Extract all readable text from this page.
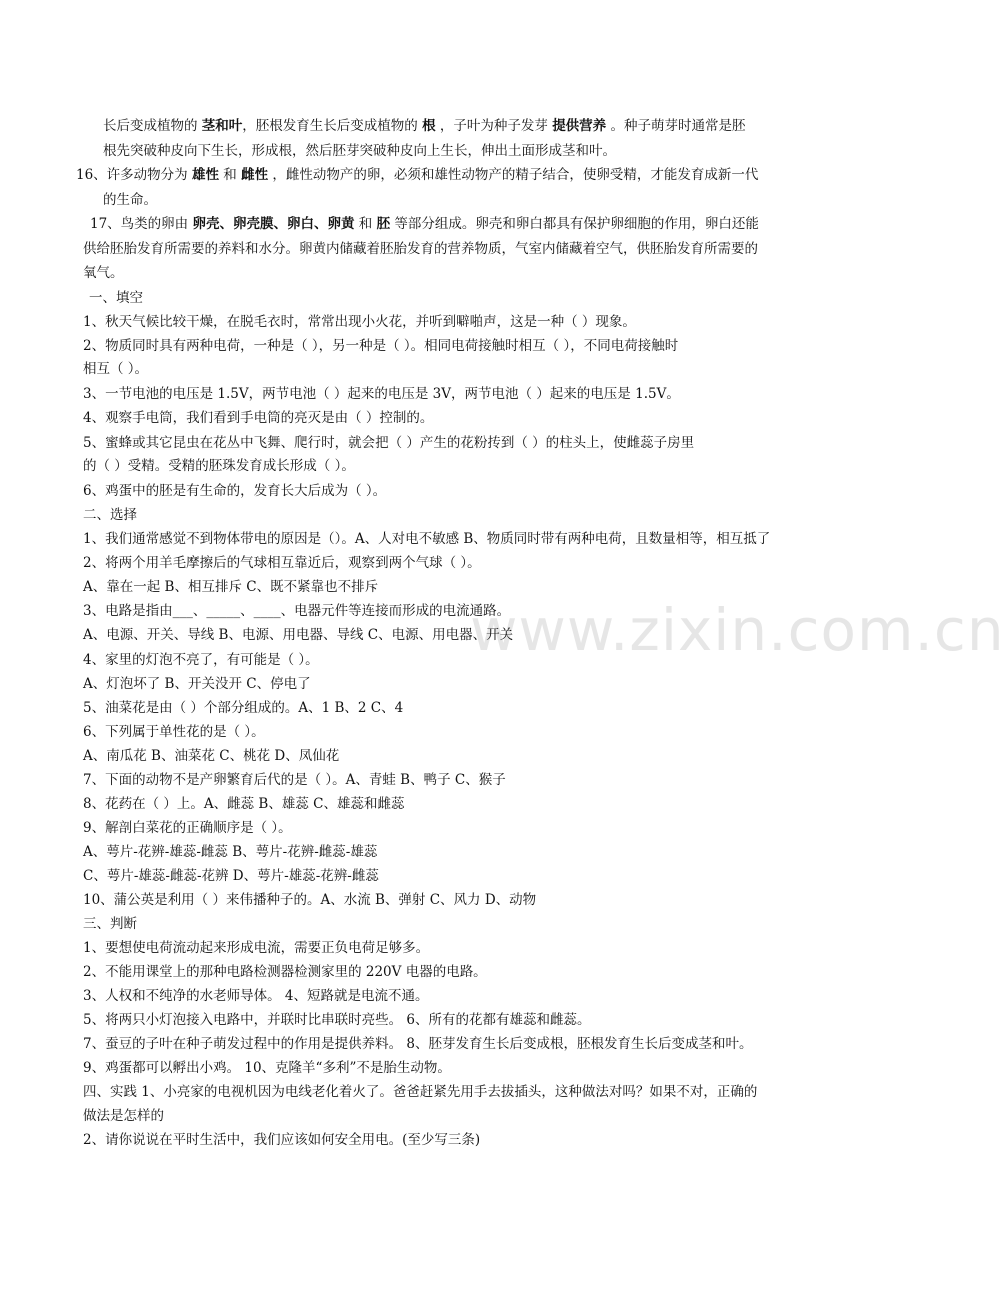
www.zixin.com.cn
长后变成植物的 茎和叶，胚根发育生长后变成植物的 根 ，子叶为种子发芽 提供营养 。种子萌芽时通常是胚
根先突破种皮向下生长，形成根，然后胚芽突破种皮向上生长，伸出土面形成茎和叶。
16、许多动物分为 雄性 和 雌性 ，雌性动物产的卵，必须和雄性动物产的精子结合，使卵受精，才能发育成新一代
的生命。
17、鸟类的卵由 卵壳、卵壳膜、卵白、卵黄 和 胚 等部分组成。卵壳和卵白都具有保护卵细胞的作用，卵白还能
供给胚胎发育所需要的养料和水分。卵黄内储藏着胚胎发育的营养物质，气室内储藏着空气，供胚胎发育所需要的
氧气。
一、填空
1、秋天气候比较干燥，在脱毛衣时，常常出现小火花，并听到噼啪声，这是一种（ ）现象。
2、物质同时具有两种电荷，一种是（ ），另一种是（ ）。相同电荷接触时相互（ ），不同电荷接触时
相互（ ）。
3、一节电池的电压是 1.5V，两节电池（ ）起来的电压是 3V，两节电池（ ）起来的电压是 1.5V。
4、观察手电筒，我们看到手电筒的亮灭是由（ ）控制的。
5、蜜蜂或其它昆虫在花丛中飞舞、爬行时，就会把（ ）产生的花粉抟到（ ）的柱头上，使雌蕊子房里
的（ ）受精。受精的胚珠发育成长形成（ ）。
6、鸡蛋中的胚是有生命的，发育长大后成为（ ）。
二、选择
1、我们通常感觉不到物体带电的原因是（）。A、人对电不敏感 B、物质同时带有两种电荷，且数量相等，相互抵了
2、将两个用羊毛摩擦后的气球相互靠近后，观察到两个气球（ ）。
A、靠在一起 B、相互排斥 C、既不紧靠也不排斥
3、电路是指由___、_____、____、电器元件等连接而形成的电流通路。
A、电源、开关、导线 B、电源、用电器、导线 C、电源、用电器、开关
4、家里的灯泡不亮了，有可能是（ ）。
A、灯泡坏了 B、开关没开 C、停电了
5、油菜花是由（ ）个部分组成的。A、1 B、2 C、4
6、下列属于单性花的是（ ）。
A、南瓜花 B、油菜花 C、桃花 D、凤仙花
7、下面的动物不是产卵繁育后代的是（ ）。A、青蛙 B、鸭子 C、猴子
8、花药在（ ）上。A、雌蕊 B、雄蕊 C、雄蕊和雌蕊
9、解剖白菜花的正确顺序是（ ）。
A、萼片-花辨-雄蕊-雌蕊 B、萼片-花辨-雌蕊-雄蕊
C、萼片-雄蕊-雌蕊-花辨 D、萼片-雄蕊-花辨-雌蕊
10、蒲公英是利用（ ）来伟播种子的。A、水流 B、弹射 C、风力 D、动物
三、判断
1、要想使电荷流动起来形成电流，需要正负电荷足够多。
2、不能用课堂上的那种电路检测器检测家里的 220V 电器的电路。
3、人权和不纯净的水老师导体。 4、短路就是电流不通。
5、将两只小灯泡接入电路中，并联时比串联时亮些。 6、所有的花都有雄蕊和雌蕊。
7、蚕豆的子叶在种子萌发过程中的作用是提供养料。 8、胚芽发育生长后变成根，胚根发育生长后变成茎和叶。
9、鸡蛋都可以孵出小鸡。 10、克隆羊“多利”不是胎生动物。
四、实践 1、小亮家的电视机因为电线老化着火了。爸爸赶紧先用手去拔插头，这种做法对吗？如果不对，正确的
做法是怎样的
2、请你说说在平时生活中，我们应该如何安全用电。(至少写三条)
